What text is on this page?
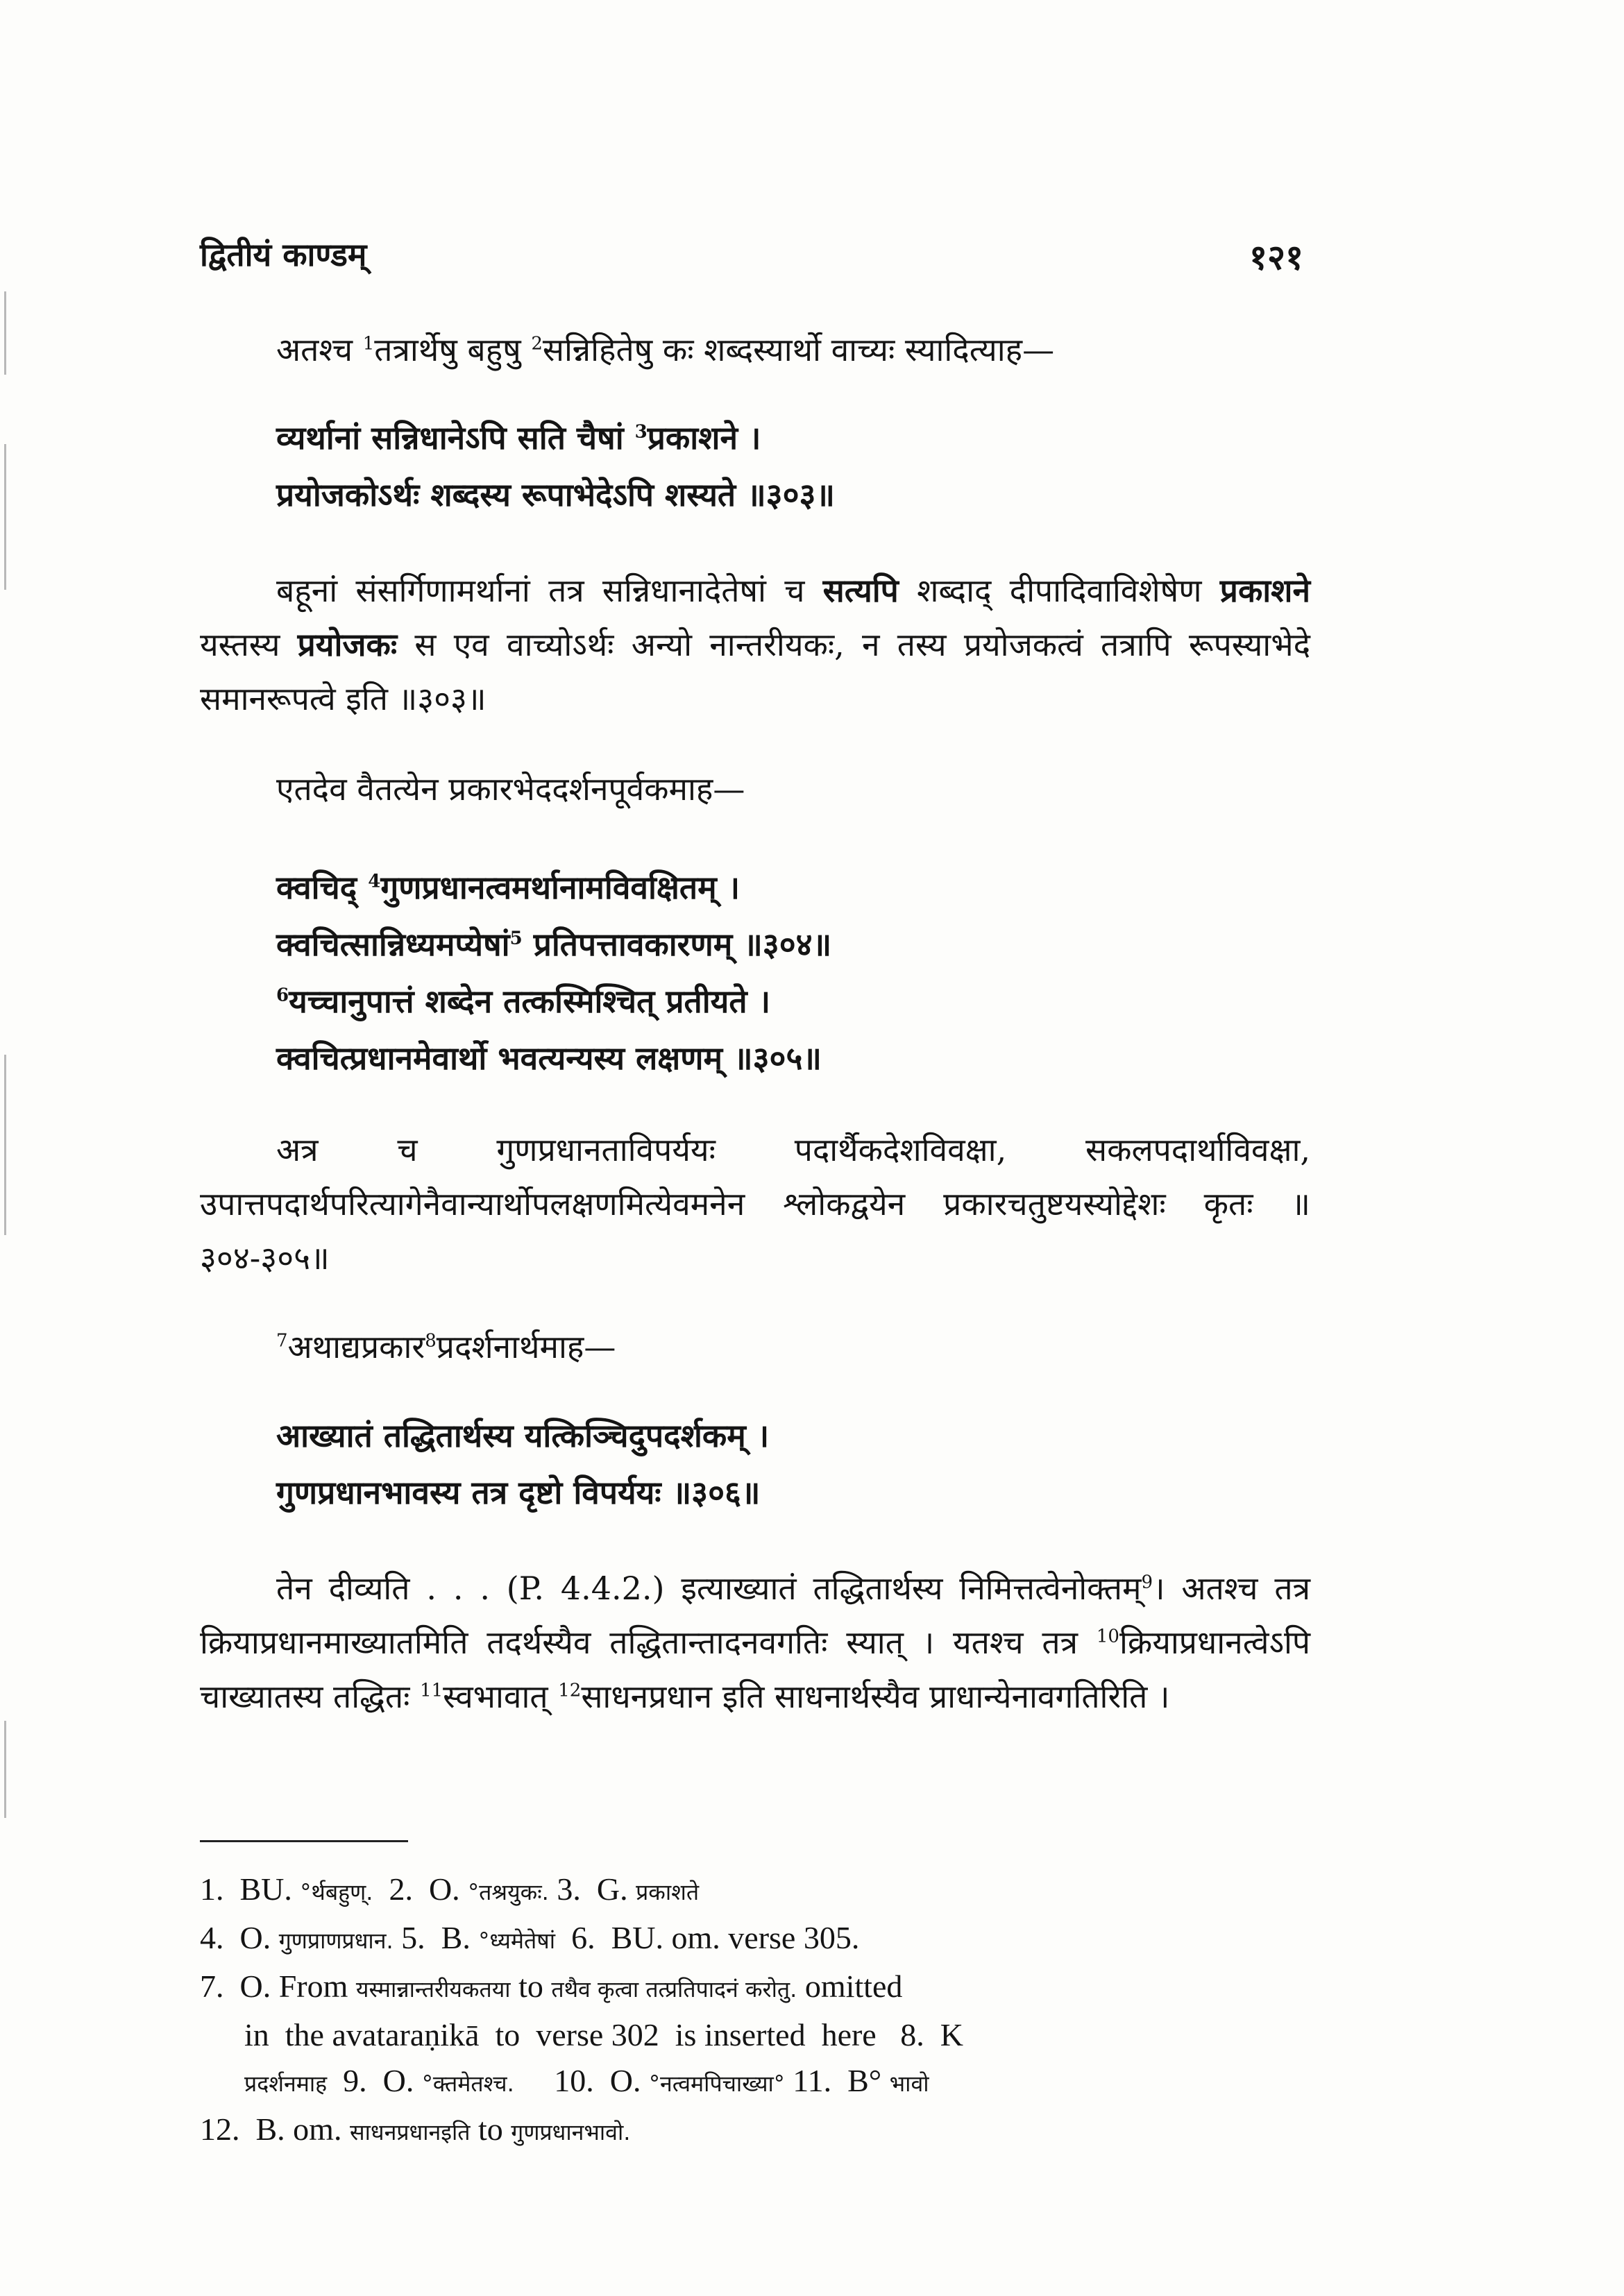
द्वितीयं काण्डम्	१२१
अतश्च $^1$तत्रार्थेषु बहुषु $^2$सन्निहितेषु कः शब्दस्यार्थो वाच्यः स्यादित्याह—
व्यर्थानां सन्निधानेऽपि सति चैषां $^3$प्रकाशने ।
प्रयोजकोऽर्थः शब्दस्य रूपाभेदेऽपि शस्यते ॥३०३॥
बहूनां संसर्गिणामर्थानां तत्र सन्निधानादेतेषां च सत्यपि शब्दाद् दीपादिवाविशेषेण प्रकाशने यस्तस्य प्रयोजकः स एव वाच्योऽर्थः अन्यो नान्तरीयकः, न तस्य प्रयोजकत्वं तत्रापि रूपस्याभेदे समानरूपत्वे इति ॥३०३॥
एतदेव वैतत्येन प्रकारभेददर्शनपूर्वकमाह—
क्वचिद् $^4$गुणप्रधानत्वमर्थानामविवक्षितम् ।
क्वचित्सान्निध्यमप्येषां$^5$ प्रतिपत्तावकारणम् ॥३०४॥
$^6$यच्चानुपात्तं शब्देन तत्कस्मिश्चित् प्रतीयते ।
क्वचित्प्रधानमेवार्थो भवत्यन्यस्य लक्षणम् ॥३०५॥
अत्र च गुणप्रधानताविपर्ययः पदार्थैकदेशविवक्षा, सकलपदार्थाविवक्षा, उपात्तपदार्थपरित्यागेनैवान्यार्थोपलक्षणमित्येवमनेन श्लोकद्वयेन प्रकारचतुष्टयस्योद्देशः कृतः ॥३०४-३०५॥
$^7$अथाद्यप्रकार$^8$प्रदर्शनार्थमाह—
आख्यातं तद्धितार्थस्य यत्किञ्चिदुपदर्शकम् ।
गुणप्रधानभावस्य तत्र दृष्टो विपर्ययः ॥३०६॥
तेन दीव्यति . . . (P. 4.4.2.) इत्याख्यातं तद्धितार्थस्य निमित्तत्वेनोक्तम्$^9$। अतश्च तत्र क्रियाप्रधानमाख्यातमिति तदर्थस्यैव तद्धितान्तादनवगतिः स्यात् । यतश्च तत्र $^{10}$क्रियाप्रधानत्वेऽपि चाख्यातस्य तद्धितः $^{11}$स्वभावात् $^{12}$साधनप्रधान इति साधनार्थस्यैव प्राधान्येनावगतिरिति ।
1.  BU. °र्थबहुण्.  2.  O. °तश्रयुकः. 3.  G. प्रकाशते
4.  O. गुणप्राणप्रधान. 5.  B. °ध्यमेतेषां  6.  BU. om. verse 305.
7.  O. From यस्मान्नान्तरीयकतया to तथैव कृत्वा तत्प्रतिपादनं करोतु. omitted
in  the avataraṇikā  to  verse 302  is inserted  here   8.  K
प्रदर्शनमाह  9.  O. °क्तमेतश्च.     10.  O. °नत्वमपिचाख्या° 11.  B° भावो
12.  B. om. साधनप्रधानइति to गुणप्रधानभावो.
